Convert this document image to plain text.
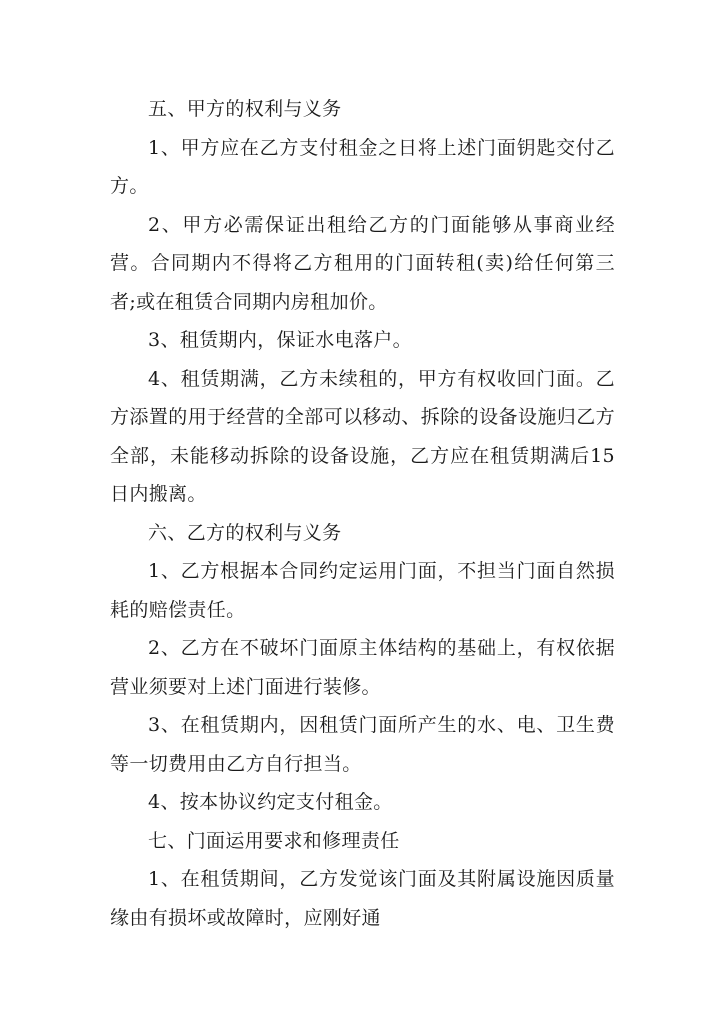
五、甲方的权利与义务

1、甲方应在乙方支付租金之日将上述门面钥匙交付乙方。

2、甲方必需保证出租给乙方的门面能够从事商业经营。合同期内不得将乙方租用的门面转租(卖)给任何第三者;或在租赁合同期内房租加价。

3、租赁期内，保证水电落户。

4、租赁期满，乙方未续租的，甲方有权收回门面。乙方添置的用于经营的全部可以移动、拆除的设备设施归乙方全部，未能移动拆除的设备设施，乙方应在租赁期满后15日内搬离。

六、乙方的权利与义务

1、乙方根据本合同约定运用门面，不担当门面自然损耗的赔偿责任。

2、乙方在不破坏门面原主体结构的基础上，有权依据营业须要对上述门面进行装修。

3、在租赁期内，因租赁门面所产生的水、电、卫生费等一切费用由乙方自行担当。

4、按本协议约定支付租金。

七、门面运用要求和修理责任

1、在租赁期间，乙方发觉该门面及其附属设施因质量缘由有损坏或故障时，应刚好通
